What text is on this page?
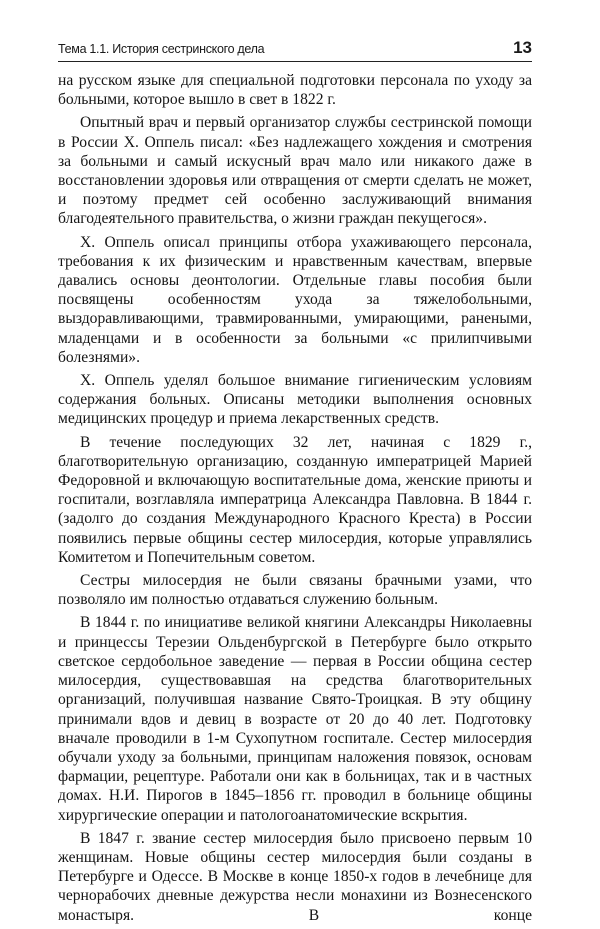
Тема 1.1. История сестринского дела	13

на русском языке для специальной подготовки персонала по уходу за больными, которое вышло в свет в 1822 г.

Опытный врач и первый организатор службы сестринской помощи в России Х. Оппель писал: «Без надлежащего хождения и смотрения за больными и самый искусный врач мало или никакого даже в восстановлении здоровья или отвращения от смерти сделать не может, и поэтому предмет сей особенно заслуживающий внимания благодеятельного правительства, о жизни граждан пекущегося».

Х. Оппель описал принципы отбора ухаживающего персонала, требования к их физическим и нравственным качествам, впервые давались основы деонтологии. Отдельные главы пособия были посвящены особенностям ухода за тяжелобольными, выздоравливающими, травмированными, умирающими, ранеными, младенцами и в особенности за больными «с прилипчивыми болезнями».

Х. Оппель уделял большое внимание гигиеническим условиям содержания больных. Описаны методики выполнения основных медицинских процедур и приема лекарственных средств.

В течение последующих 32 лет, начиная с 1829 г., благотворительную организацию, созданную императрицей Марией Федоровной и включающую воспитательные дома, женские приюты и госпитали, возглавляла императрица Александра Павловна. В 1844 г. (задолго до создания Международного Красного Креста) в России появились первые общины сестер милосердия, которые управлялись Комитетом и Попечительным советом.

Сестры милосердия не были связаны брачными узами, что позволяло им полностью отдаваться служению больным.

В 1844 г. по инициативе великой княгини Александры Николаевны и принцессы Терезии Ольденбургской в Петербурге было открыто светское сердобольное заведение — первая в России община сестер милосердия, существовавшая на средства благотворительных организаций, получившая название Свято-Троицкая. В эту общину принимали вдов и девиц в возрасте от 20 до 40 лет. Подготовку вначале проводили в 1-м Сухопутном госпитале. Сестер милосердия обучали уходу за больными, принципам наложения повязок, основам фармации, рецептуре. Работали они как в больницах, так и в частных домах. Н.И. Пирогов в 1845–1856 гг. проводил в больнице общины хирургические операции и патологоанатомические вскрытия.

В 1847 г. звание сестер милосердия было присвоено первым 10 женщинам. Новые общины сестер милосердия были созданы в Петербурге и Одессе. В Москве в конце 1850-х годов в лечебнице для чернорабочих дневные дежурства несли монахини из Вознесенского монастыря. В конце
